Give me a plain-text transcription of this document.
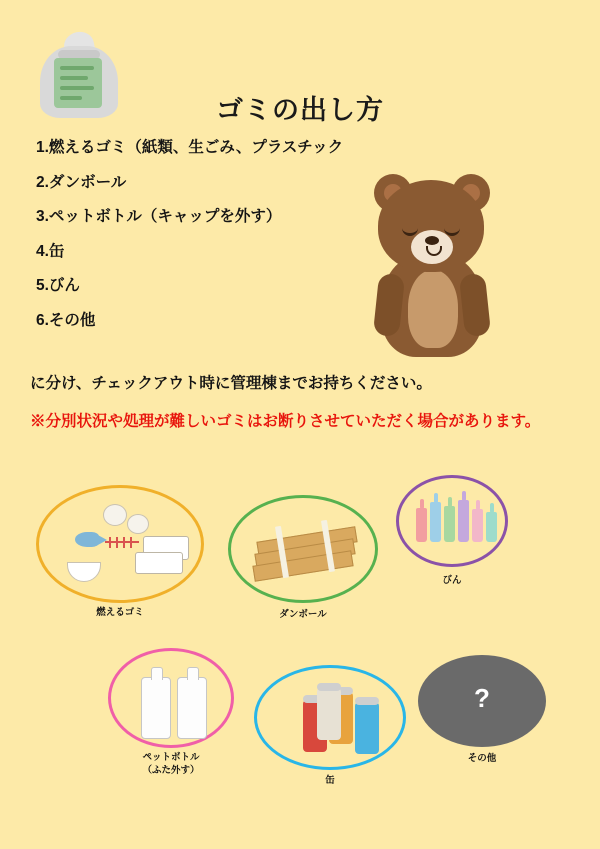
ゴミの出し方
1.燃えるゴミ（紙類、生ごみ、プラスチック
2.ダンボール
3.ペットボトル（キャップを外す）
4.缶
5.びん
6.その他
に分け、チェックアウト時に管理棟までお持ちください。
※分別状況や処理が難しいゴミはお断りさせていただく場合があります。
燃えるゴミ	ダンボール
びん
ペットボトル
（ふた外す）
缶
?
その他
